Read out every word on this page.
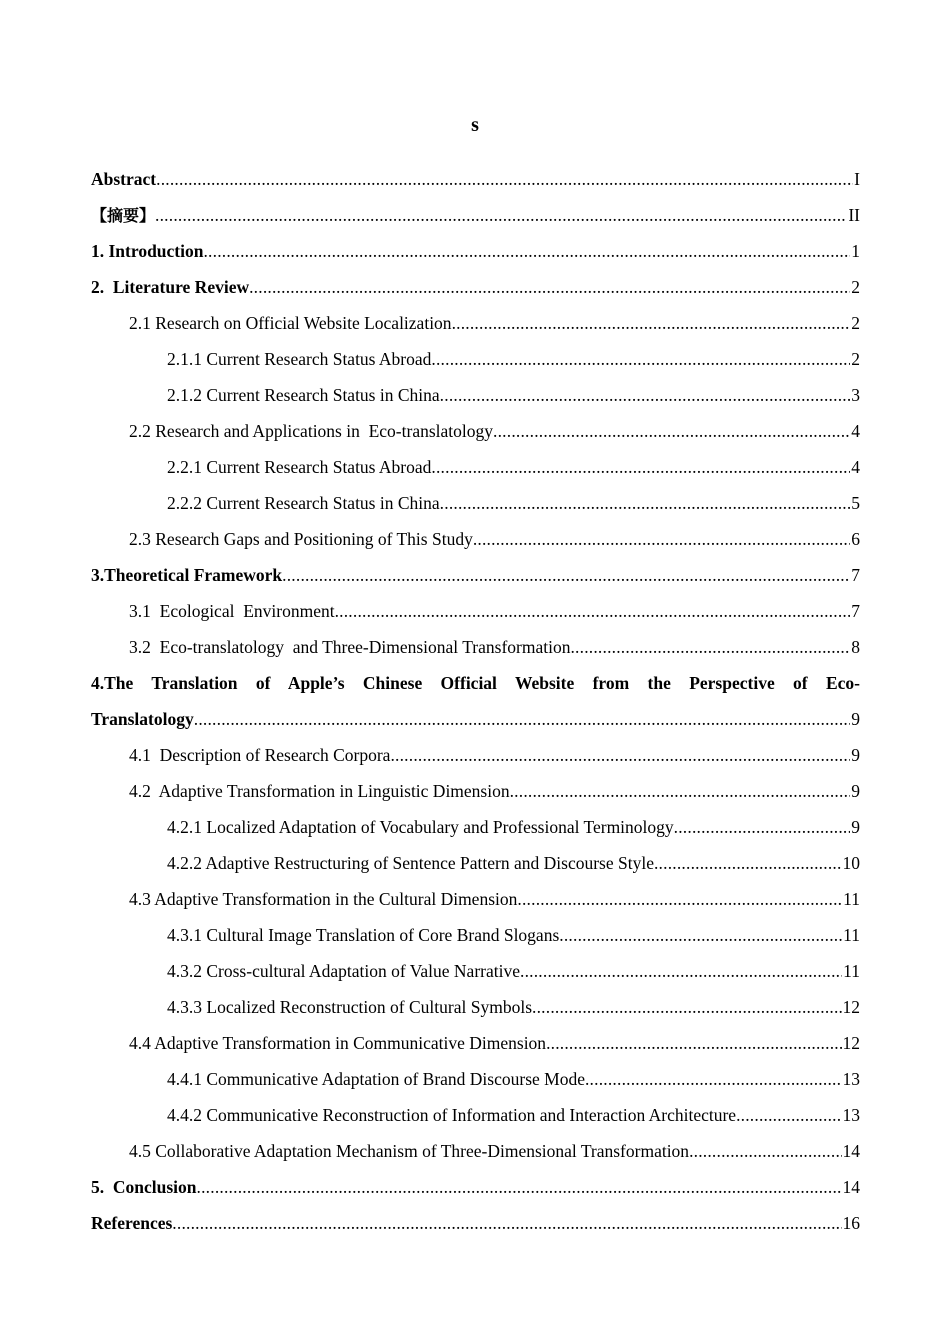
s
Abstract .....	I
【摘要】 .....	II
1. Introduction .....	1
2.  Literature Review .....	2
2.1 Research on Official Website Localization .....	2
2.1.1 Current Research Status Abroad .....	2
2.1.2 Current Research Status in China .....	3
2.2 Research and Applications in  Eco-translatology .....	4
2.2.1 Current Research Status Abroad .....	4
2.2.2 Current Research Status in China .....	5
2.3 Research Gaps and Positioning of This Study .....	6
3.Theoretical Framework .....	7
3.1  Ecological  Environment .....	7
3.2  Eco-translatology  and Three-Dimensional Transformation .....	8
4.The Translation of Apple’s Chinese Official Website from the Perspective of Eco-
Translatology .....	9
4.1  Description of Research Corpora .....	9
4.2  Adaptive Transformation in Linguistic Dimension .....	9
4.2.1 Localized Adaptation of Vocabulary and Professional Terminology .....	9
4.2.2 Adaptive Restructuring of Sentence Pattern and Discourse Style .....	10
4.3 Adaptive Transformation in the Cultural Dimension .....	11
4.3.1 Cultural Image Translation of Core Brand Slogans .....	11
4.3.2 Cross-cultural Adaptation of Value Narrative .....	11
4.3.3 Localized Reconstruction of Cultural Symbols .....	12
4.4 Adaptive Transformation in Communicative Dimension .....	12
4.4.1 Communicative Adaptation of Brand Discourse Mode .....	13
4.4.2 Communicative Reconstruction of Information and Interaction Architecture .....	13
4.5 Collaborative Adaptation Mechanism of Three-Dimensional Transformation .....	14
5.  Conclusion .....	14
References .....	16
